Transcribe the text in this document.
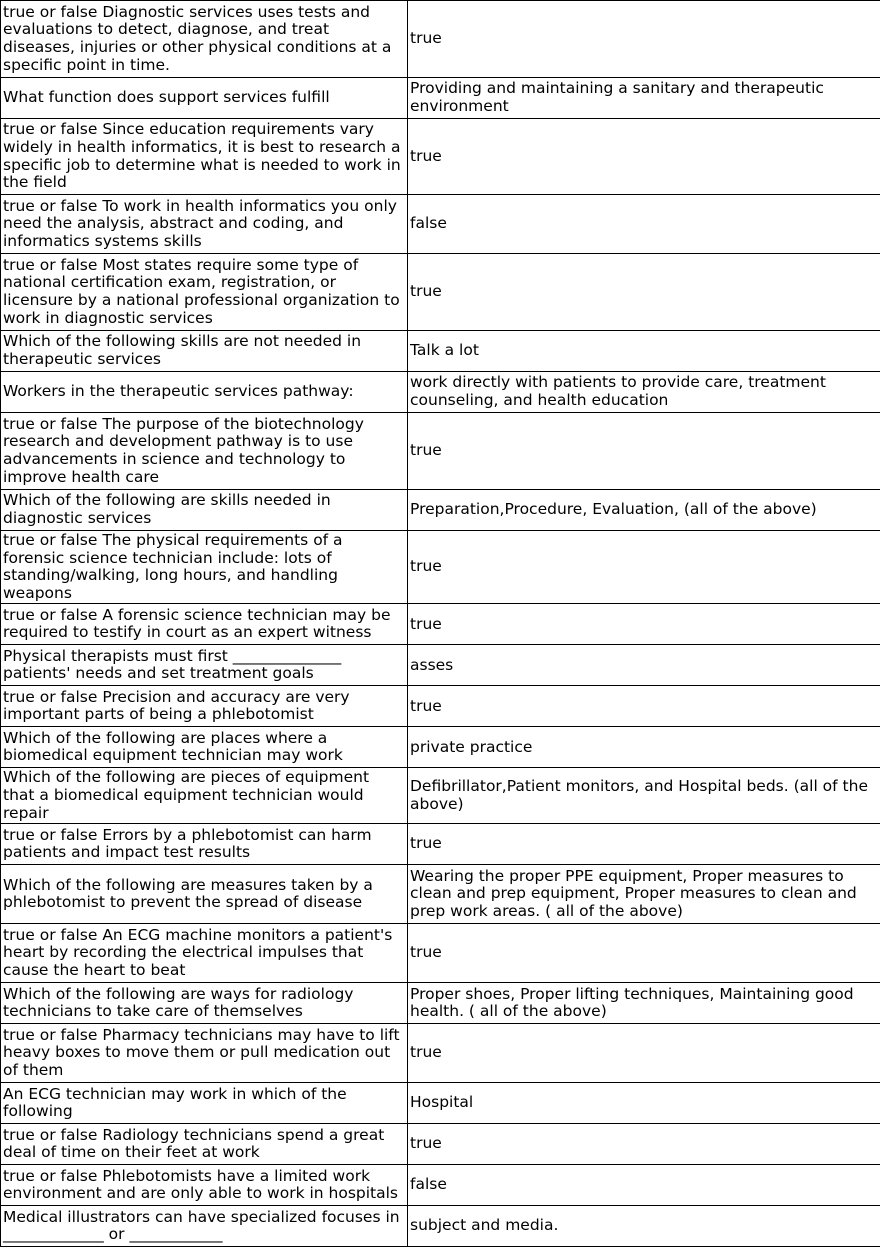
true or false Diagnostic services uses tests and evaluations to detect, diagnose, and treat diseases, injuries or other physical conditions at a specific point in time.	true
What function does support services fulfill	Providing and maintaining a sanitary and therapeutic environment
true or false Since education requirements vary widely in health informatics, it is best to research a specific job to determine what is needed to work in the field	true
true or false To work in health informatics you only need the analysis, abstract and coding, and informatics systems skills	false
true or false Most states require some type of national certification exam, registration, or licensure by a national professional organization to work in diagnostic services	true
Which of the following skills are not needed in therapeutic services	Talk a lot
Workers in the therapeutic services pathway:	work directly with patients to provide care, treatment counseling, and health education
true or false The purpose of the biotechnology research and development pathway is to use advancements in science and technology to improve health care	true
Which of the following are skills needed in diagnostic services	Preparation,Procedure, Evaluation, (all of the above)
true or false The physical requirements of a forensic science technician include: lots of standing/walking, long hours, and handling weapons	true
true or false A forensic science technician may be required to testify in court as an expert witness	true
Physical therapists must first ______________ patients' needs and set treatment goals	asses
true or false Precision and accuracy are very important parts of being a phlebotomist	true
Which of the following are places where a biomedical equipment technician may work	private practice
Which of the following are pieces of equipment that a biomedical equipment technician would repair	Defibrillator,Patient monitors, and Hospital beds. (all of the above)
true or false Errors by a phlebotomist can harm patients and impact test results	true
Which of the following are measures taken by a phlebotomist to prevent the spread of disease	Wearing the proper PPE equipment, Proper measures to clean and prep equipment, Proper measures to clean and prep work areas. ( all of the above)
true or false An ECG machine monitors a patient's heart by recording the electrical impulses that cause the heart to beat	true
Which of the following are ways for radiology technicians to take care of themselves	Proper shoes, Proper lifting techniques, Maintaining good health. ( all of the above)
true or false Pharmacy technicians may have to lift heavy boxes to move them or pull medication out of them	true
An ECG technician may work in which of the following	Hospital
true or false Radiology technicians spend a great deal of time on their feet at work	true
true or false Phlebotomists have a limited work environment and are only able to work in hospitals	false
Medical illustrators can have specialized focuses in _____________ or ____________	subject and media.
